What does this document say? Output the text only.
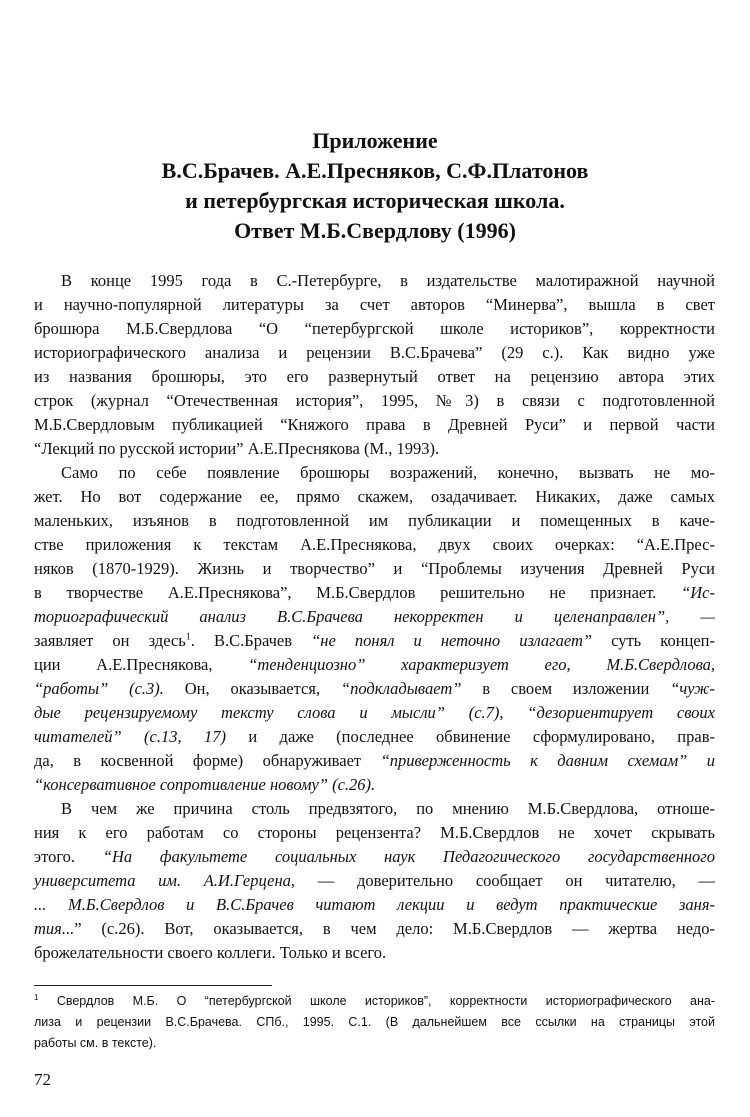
Приложение
В.С.Брачев. А.Е.Пресняков, С.Ф.Платонов
и петербургская историческая школа.
Ответ М.Б.Свердлову (1996)
В конце 1995 года в С.-Петербурге, в издательстве малотиражной научной
и научно-популярной литературы за счет авторов “Минерва”, вышла в свет
брошюра М.Б.Свердлова “О “петербургской школе историков”, корректности
историографического анализа и рецензии В.С.Брачева” (29 с.). Как видно уже
из названия брошюры, это его развернутый ответ на рецензию автора этих
строк (журнал “Отечественная история”, 1995, №3) в связи с подготовленной
М.Б.Свердловым публикацией “Княжого права в Древней Руси” и первой части
“Лекций по русской истории” А.Е.Преснякова (М., 1993).
Само по себе появление брошюры возражений, конечно, вызвать не мо-
жет. Но вот содержание ее, прямо скажем, озадачивает. Никаких, даже самых
маленьких, изъянов в подготовленной им публикации и помещенных в каче-
стве приложения к текстам А.Е.Преснякова, двух своих очерках: “А.Е.Прес-
няков (1870-1929). Жизнь и творчество” и “Проблемы изучения Древней Руси
в творчестве А.Е.Преснякова”, М.Б.Свердлов решительно не признает. “Ис-
ториографический анализ В.С.Брачева некорректен и целенаправлен”, —
заявляет он здесь$^1$. В.С.Брачев “не понял и неточно излагает” суть концеп-
ции А.Е.Преснякова, “тенденциозно” характеризует его, М.Б.Свердлова,
“работы” (с.3). Он, оказывается, “подкладывает” в своем изложении “чуж-
дые рецензируемому тексту слова и мысли” (с.7), “дезориентирует своих
читателей” (с.13, 17) и даже (последнее обвинение сформулировано, прав-
да, в косвенной форме) обнаруживает “приверженность к давним схемам” и
“консервативное сопротивление новому” (с.26).
В чем же причина столь предвзятого, по мнению М.Б.Свердлова, отноше-
ния к его работам со стороны рецензента? М.Б.Свердлов не хочет скрывать
этого. “На факультете социальных наук Педагогического государственного
университета им. А.И.Герцена, — доверительно сообщает он читателю, —
... М.Б.Свердлов и В.С.Брачев читают лекции и ведут практические заня-
тия...” (с.26). Вот, оказывается, в чем дело: М.Б.Свердлов — жертва недо-
брожелательности своего коллеги. Только и всего.
$^1$ Свердлов М.Б. О “петербургской школе историков”, корректности историографического ана-
лиза и рецензии В.С.Брачева. СПб., 1995. С.1. (В дальнейшем все ссылки на страницы этой
работы см. в тексте).
72
